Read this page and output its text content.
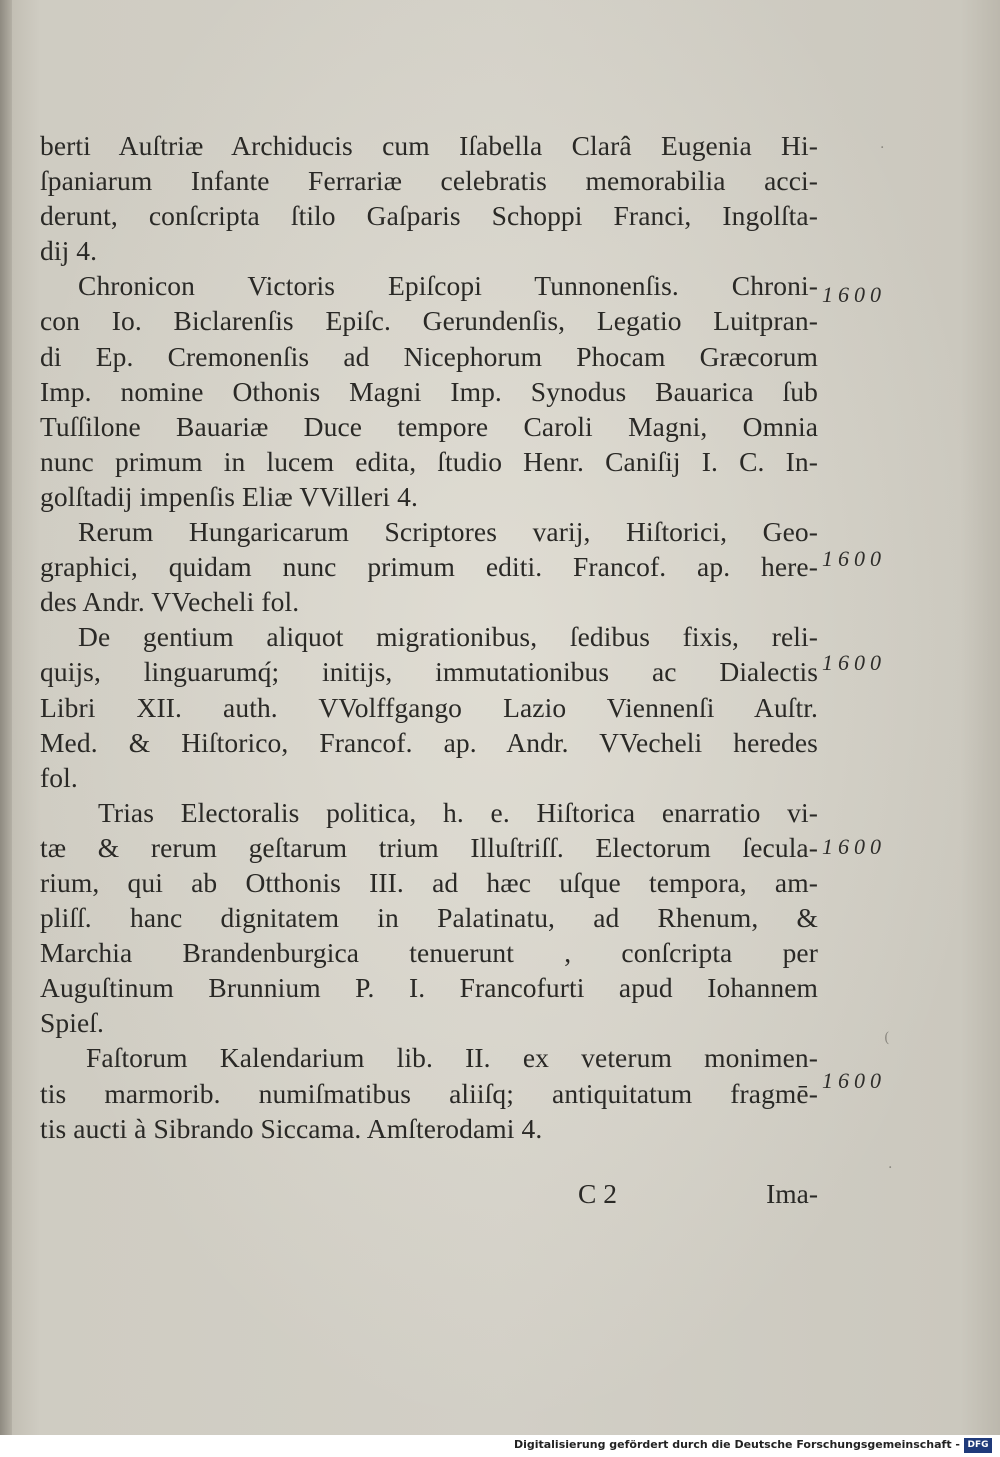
berti Auſtriæ Archiducis cum Iſabella Clarâ Eugenia Hi-
ſpaniarum Infante Ferrariæ celebratis memorabilia acci-
derunt, conſcripta ſtilo Gaſparis Schoppi Franci, Ingolſta-
dij 4.
Chronicon Victoris Epiſcopi Tunnonenſis. Chroni-
con Io. Biclarenſis Epiſc. Gerundenſis, Legatio Luitpran-
di Ep. Cremonenſis ad Nicephorum Phocam Græcorum
Imp. nomine Othonis Magni Imp. Synodus Bauarica ſub
Tuſſilone Bauariæ Duce tempore Caroli Magni, Omnia
nunc primum in lucem edita, ſtudio Henr. Caniſij I. C. In-
golſtadij impenſis Eliæ VVilleri 4.
Rerum Hungaricarum Scriptores varij, Hiſtorici, Geo-
graphici, quidam nunc primum editi. Francof. ap. here-
des Andr. VVecheli fol.
De gentium aliquot migrationibus, ſedibus fixis, reli-
quijs, linguarumq́; initijs, immutationibus ac Dialectis
Libri XII. auth. VVolffgango Lazio Viennenſi Auſtr.
Med. & Hiſtorico, Francof. ap. Andr. VVecheli heredes
fol.
Trias Electoralis politica, h. e. Hiſtorica enarratio vi-
tæ & rerum geſtarum trium Illuſtriſſ. Electorum ſecula-
rium, qui ab Otthonis III. ad hæc uſque tempora, am-
pliſſ. hanc dignitatem in Palatinatu, ad Rhenum, &
Marchia Brandenburgica tenuerunt , conſcripta per
Auguſtinum Brunnium P. I. Francofurti apud Iohannem
Spieſ.
Faſtorum Kalendarium lib. II. ex veterum monimen-
tis marmorib. numiſmatibus aliiſq; antiquitatum fragmē-
tis aucti à Sibrando Siccama. Amſterodami 4.
1600
1600
1600
1600
1600
C 2	Ima-
·
(
·
Digitalisierung gefördert durch die Deutsche Forschungsgemeinschaft - DFG
